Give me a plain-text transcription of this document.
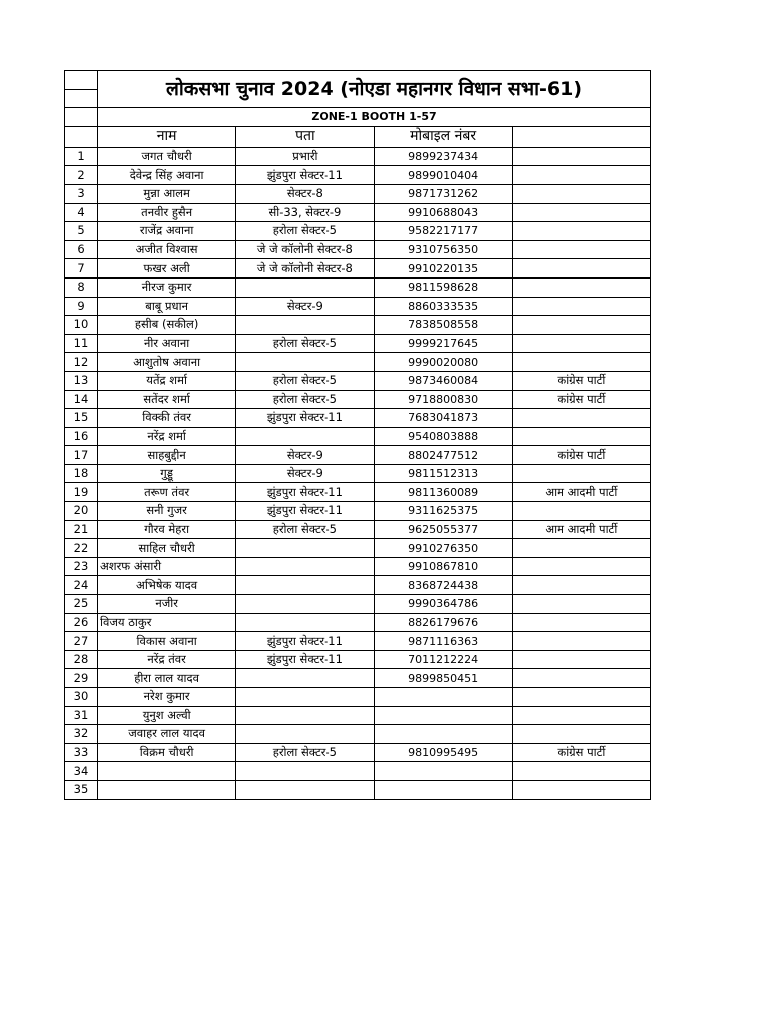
	लोकसभा चुनाव 2024 (नोएडा महानगर विधान सभा-61)			

	ZONE-1 BOOTH 1-57			
	नाम	पता	मोबाइल नंबर	
1	जगत चौधरी	प्रभारी	9899237434	
2	देवेन्द्र सिंह अवाना	झुंडपुरा सेक्टर-11	9899010404	
3	मुन्ना आलम	सेक्टर-8	9871731262	
4	तनवीर हुसैन	सी-33, सेक्टर-9	9910688043	
5	राजेंद्र अवाना	हरोला सेक्टर-5	9582217177	
6	अजीत विश्वास	जे जे कॉलोनी सेक्टर-8	9310756350	
7	फखर अली	जे जे कॉलोनी सेक्टर-8	9910220135	
8	नीरज कुमार		9811598628	
9	बाबू प्रधान	सेक्टर-9	8860333535	
10	हसीब (सकील)		7838508558	
11	नीर अवाना	हरोला सेक्टर-5	9999217645	
12	आशुतोष अवाना		9990020080	
13	यतेंद्र शर्मा	हरोला सेक्टर-5	9873460084	कांग्रेस पार्टी
14	सतेंदर शर्मा	हरोला सेक्टर-5	9718800830	कांग्रेस पार्टी
15	विक्की तंवर	झुंडपुरा सेक्टर-11	7683041873	
16	नरेंद्र शर्मा		9540803888	
17	साहबुद्दीन	सेक्टर-9	8802477512	कांग्रेस पार्टी
18	गुड्डू	सेक्टर-9	9811512313	
19	तरूण तंवर	झुंडपुरा सेक्टर-11	9811360089	आम आदमी पार्टी
20	सनी गुजर	झुंडपुरा सेक्टर-11	9311625375	
21	गौरव मेहरा	हरोला सेक्टर-5	9625055377	आम आदमी पार्टी
22	साहिल चौधरी		9910276350	
23	अशरफ अंसारी		9910867810	
24	अभिषेक यादव		8368724438	
25	नजीर		9990364786	
26	विजय ठाकुर		8826179676	
27	विकास अवाना	झुंडपुरा सेक्टर-11	9871116363	
28	नरेंद्र तंवर	झुंडपुरा सेक्टर-11	7011212224	
29	हीरा लाल यादव		9899850451	
30	नरेश कुमार			
31	युनुश अल्वी			
32	जवाहर लाल यादव			
33	विक्रम चौधरी	हरोला सेक्टर-5	9810995495	कांग्रेस पार्टी
34				
35				
